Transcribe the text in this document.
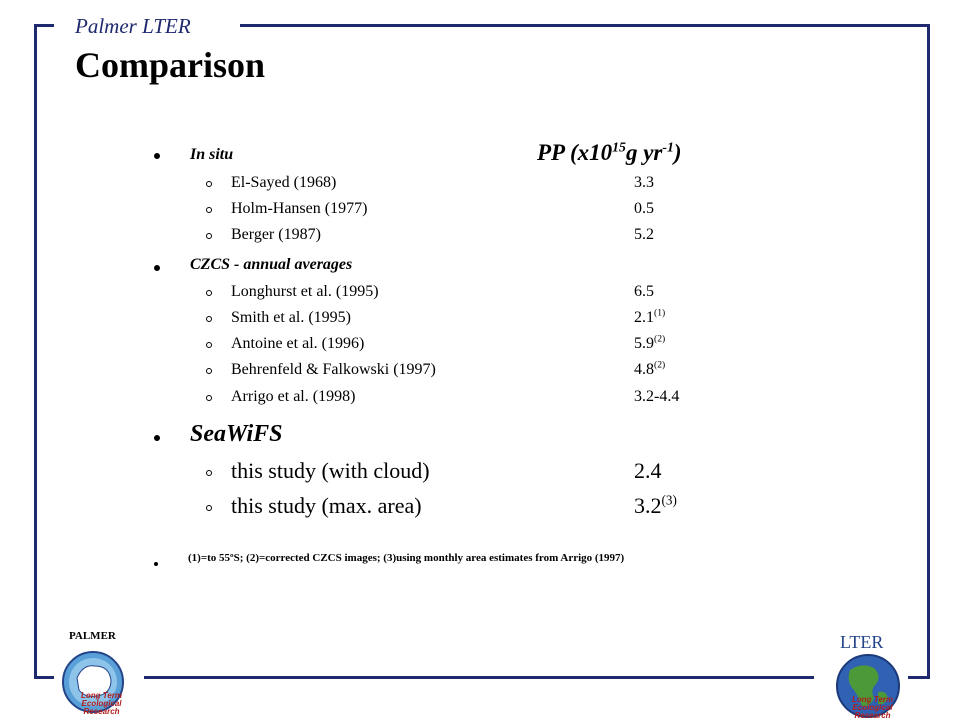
Palmer LTER
Comparison
In situ	PP ($x10^{15}g$ $yr^{-1}$)
El-Sayed (1968)	3.3
Holm-Hansen (1977)	0.5
Berger (1987)	5.2
CZCS - annual averages
Longhurst et al. (1995)	6.5
Smith et al. (1995)	2.1$^{(1)}$
Antoine et al. (1996)	5.9$^{(2)}$
Behrenfeld & Falkowski (1997)	4.8$^{(2)}$
Arrigo et al. (1998)	3.2-4.4
SeaWiFS
this study (with cloud)	2.4
this study (max. area)	3.2$^{(3)}$
(1)=to 55ºS; (2)=corrected CZCS images; (3)using monthly area estimates from Arrigo (1997)
PALMER
Long Term
Ecological
Research
LTER
Long Term
Ecological
Research
